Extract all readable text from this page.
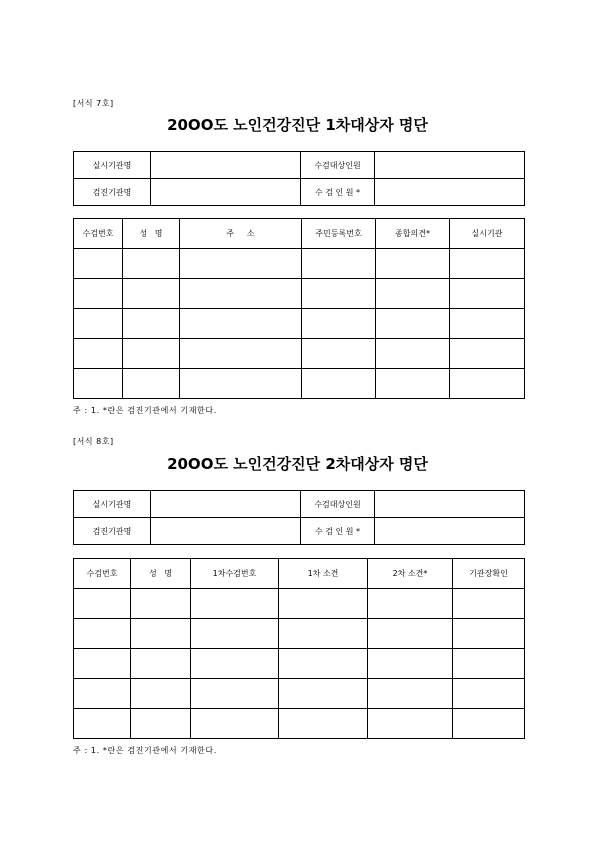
[서식 7호]
20OO도 노인건강진단 1차대상자 명단
실시기관명		수검대상인원	
검진기관명		수 검 인 원 *	
수검번호	성   명	주     소	주민등록번호	종합의견*	실시기관

주 : 1. *란은 검진기관에서 기재한다.
[서식 8호]
20OO도 노인건강진단 2차대상자 명단
실시기관명		수검대상인원	
검진기관명		수 검 인 원 *	
수검번호	성   명	1차수검번호	1차 소견	2차 소견*	기관장확인

주 : 1. *란은 검진기관에서 기재한다.
